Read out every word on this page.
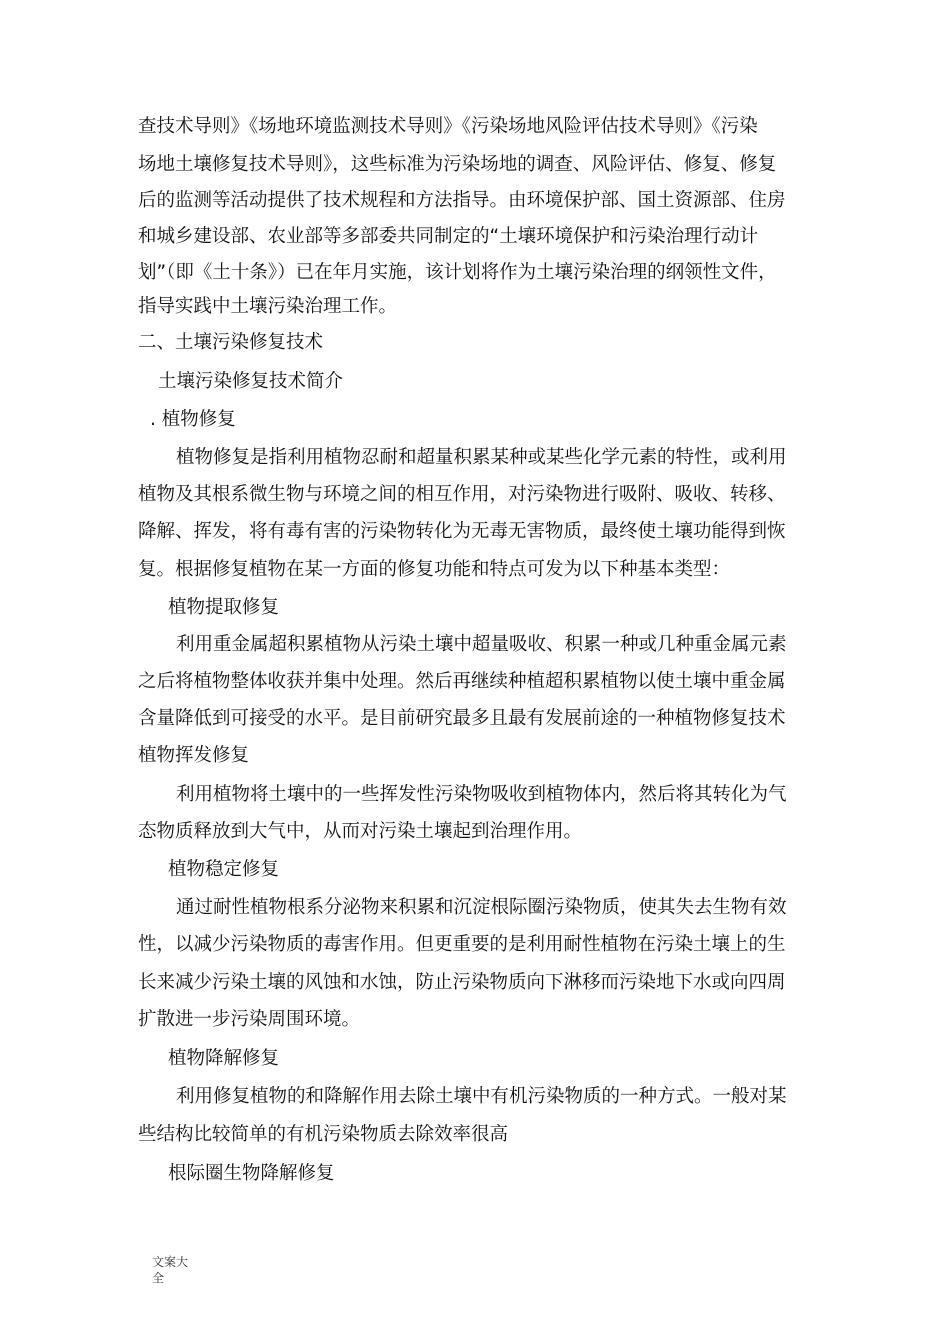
查技术导则》《场地环境监测技术导则》《污染场地风险评估技术导则》《污染
场地土壤修复技术导则》，这些标准为污染场地的调查、风险评估、修复、修复
后的监测等活动提供了技术规程和方法指导。由环境保护部、国土资源部、住房
和城乡建设部、农业部等多部委共同制定的“土壤环境保护和污染治理行动计
划”（即《土十条》）已在年月实施，该计划将作为土壤污染治理的纲领性文件，
指导实践中土壤污染治理工作。
二、土壤污染修复技术
土壤污染修复技术简介
. 植物修复
植物修复是指利用植物忍耐和超量积累某种或某些化学元素的特性，或利用
植物及其根系微生物与环境之间的相互作用，对污染物进行吸附、吸收、转移、
降解、挥发，将有毒有害的污染物转化为无毒无害物质，最终使土壤功能得到恢
复。根据修复植物在某一方面的修复功能和特点可发为以下种基本类型：
植物提取修复
利用重金属超积累植物从污染土壤中超量吸收、积累一种或几种重金属元素
之后将植物整体收获并集中处理。然后再继续种植超积累植物以使土壤中重金属
含量降低到可接受的水平。是目前研究最多且最有发展前途的一种植物修复技术
植物挥发修复
利用植物将土壤中的一些挥发性污染物吸收到植物体内，然后将其转化为气
态物质释放到大气中，从而对污染土壤起到治理作用。
植物稳定修复
通过耐性植物根系分泌物来积累和沉淀根际圈污染物质，使其失去生物有效
性，以减少污染物质的毒害作用。但更重要的是利用耐性植物在污染土壤上的生
长来减少污染土壤的风蚀和水蚀，防止污染物质向下淋移而污染地下水或向四周
扩散进一步污染周围环境。
植物降解修复
利用修复植物的和降解作用去除土壤中有机污染物质的一种方式。一般对某
些结构比较简单的有机污染物质去除效率很高
根际圈生物降解修复
文案大
全
